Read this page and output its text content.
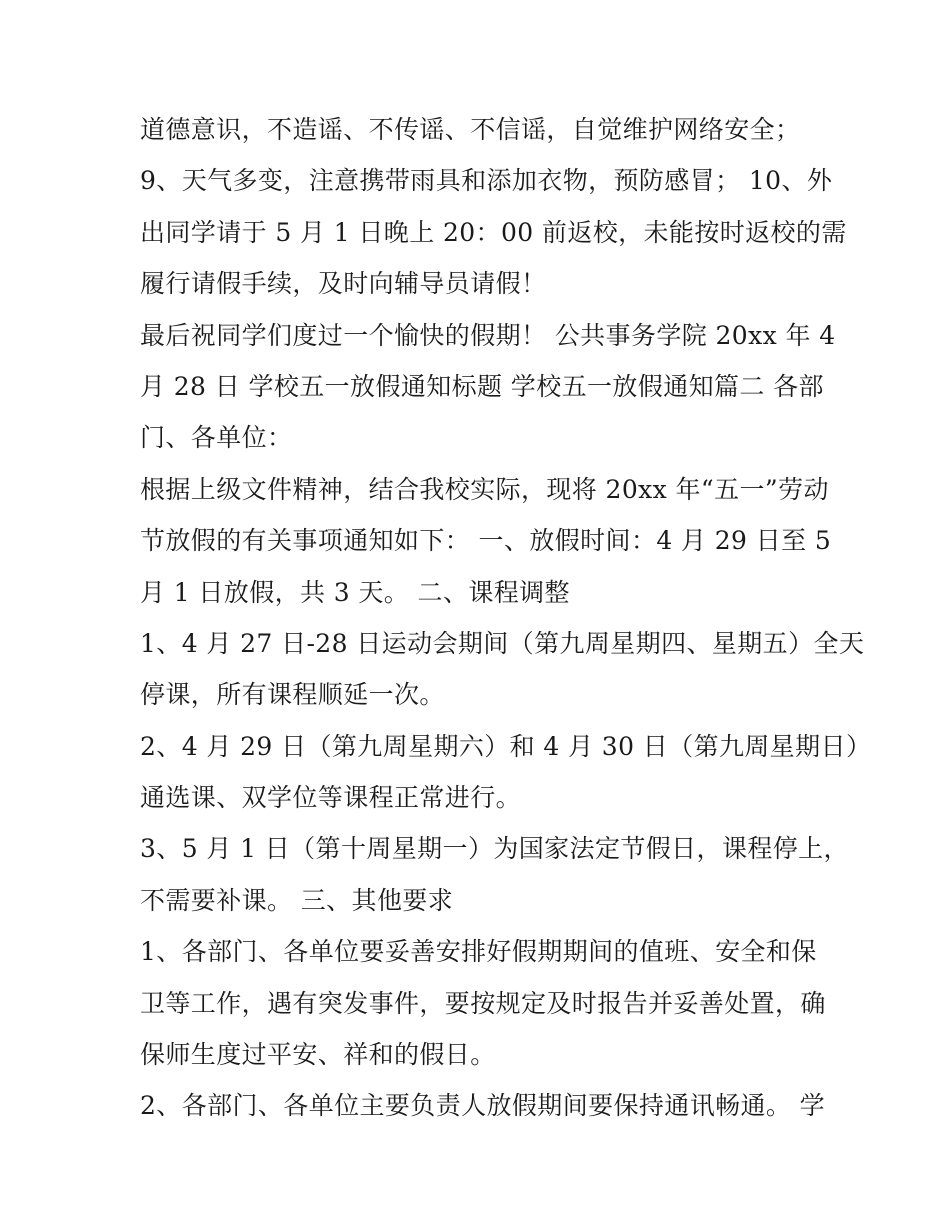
道德意识，不造谣、不传谣、不信谣，自觉维护网络安全；

9、天气多变，注意携带雨具和添加衣物，预防感冒； 10、外

出同学请于 5 月 1 日晚上 20：00 前返校，未能按时返校的需

履行请假手续，及时向辅导员请假！

最后祝同学们度过一个愉快的假期！ 公共事务学院 20xx 年 4

月 28 日 学校五一放假通知标题 学校五一放假通知篇二 各部

门、各单位：

根据上级文件精神，结合我校实际，现将 20xx 年“五一”劳动

节放假的有关事项通知如下： 一、放假时间：4 月 29 日至 5

月 1 日放假，共 3 天。 二、课程调整

1、4 月 27 日-28 日运动会期间（第九周星期四、星期五）全天

停课，所有课程顺延一次。

2、4 月 29 日（第九周星期六）和 4 月 30 日（第九周星期日）

通选课、双学位等课程正常进行。

3、5 月 1 日（第十周星期一）为国家法定节假日，课程停上，

不需要补课。 三、其他要求

1、各部门、各单位要妥善安排好假期期间的值班、安全和保

卫等工作，遇有突发事件，要按规定及时报告并妥善处置，确

保师生度过平安、祥和的假日。

2、各部门、各单位主要负责人放假期间要保持通讯畅通。 学
